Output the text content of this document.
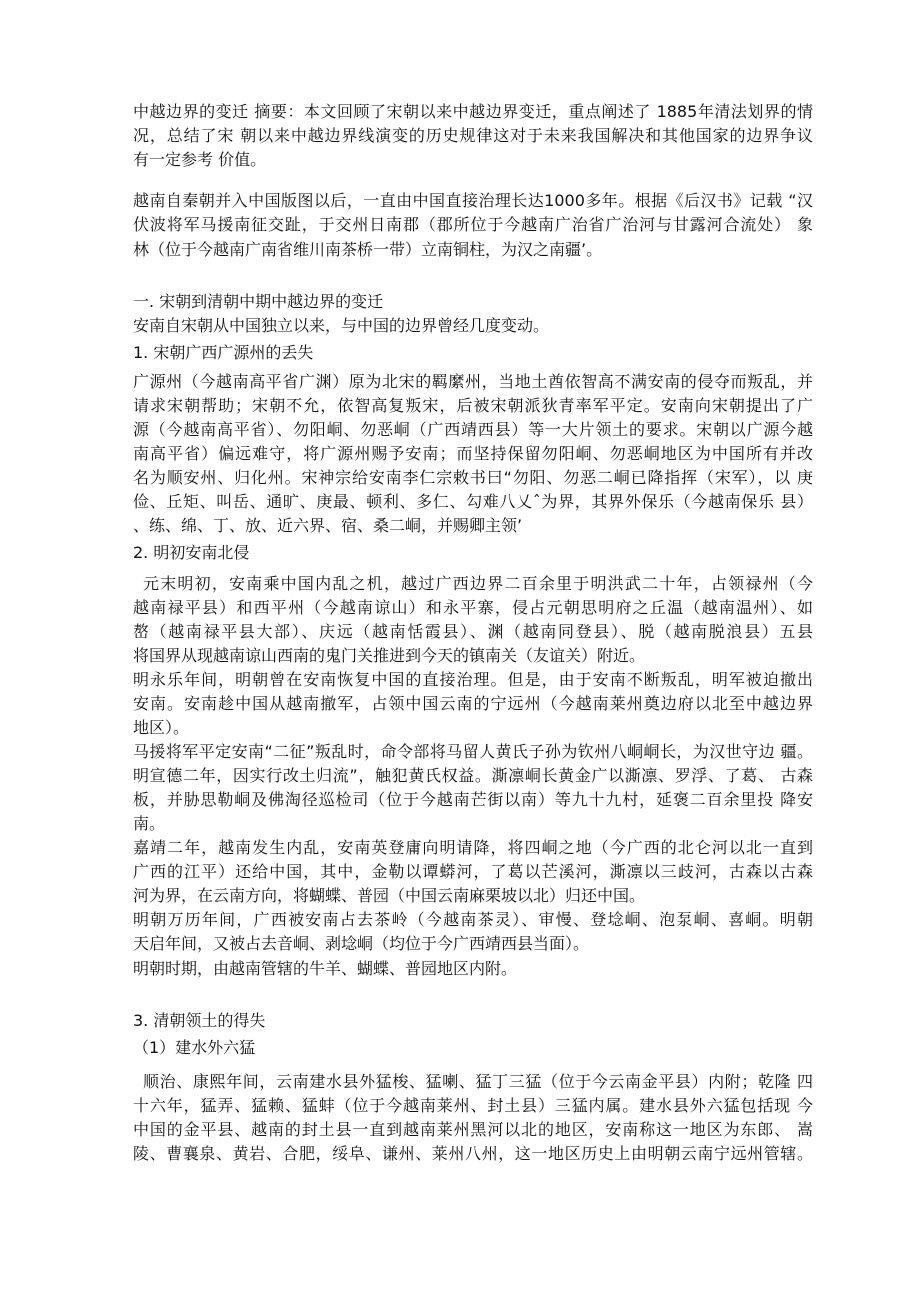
中越边界的变迁 摘要：本文回顾了宋朝以来中越边界变迁，重点阐述了 1885年清法划界的情
况，总结了宋 朝以来中越边界线演变的历史规律这对于未来我国解决和其他国家的边界争议
有一定参考 价值。
越南自秦朝并入中国版图以后，一直由中国直接治理长达1000多年。根据《后汉书》记载 “汉
伏波将军马援南征交趾，于交州日南郡（郡所位于今越南广治省广治河与甘露河合流处） 象
林（位于今越南广南省维川南茶桥一带）立南铜柱，为汉之南疆’。
一. 宋朝到清朝中期中越边界的变迁
安南自宋朝从中国独立以来，与中国的边界曾经几度变动。
1. 宋朝广西广源州的丢失
广源州（今越南高平省广渊）原为北宋的羁縻州，当地土酋依智高不满安南的侵夺而叛乱，并
请求宋朝帮助；宋朝不允，依智高复叛宋，后被宋朝派狄青率军平定。安南向宋朝提出了广
源（今越南高平省）、勿阳峒、勿恶峒（广西靖西县）等一大片领土的要求。宋朝以广源今越
南高平省）偏远难守，将广源州赐予安南；而坚持保留勿阳峒、勿恶峒地区为中国所有并改
名为顺安州、归化州。宋神宗给安南李仁宗敕书曰“勿阳、勿恶二峒已降指挥（宋军），以 庚
俭、丘矩、叫岳、通旷、庚最、顿利、多仁、勾难八乂ˆ为界，其界外保乐（今越南保乐 县）
、练、绵、丁、放、近六界、宿、桑二峒，并赐卿主领’
2. 明初安南北侵
元末明初，安南乘中国内乱之机，越过广西边界二百余里于明洪武二十年，占领禄州（今
越南禄平县）和西平州（今越南谅山）和永平寨，侵占元朝思明府之丘温（越南温州）、如
嶅（越南禄平县大部）、庆远（越南恬霞县）、渊（越南同登县）、脱（越南脱浪县）五县
将国界从现越南谅山西南的鬼门关推进到今天的镇南关（友谊关）附近。
明永乐年间，明朝曾在安南恢复中国的直接治理。但是，由于安南不断叛乱，明军被迫撤出
安南。安南趁中国从越南撤军，占领中国云南的宁远州（今越南莱州奠边府以北至中越边界
地区）。
马援将军平定安南“二征”叛乱时，命令部将马留人黄氏子孙为钦州八峒峒长，为汉世守边 疆。
明宣德二年，因实行改土归流”，触犯黄氏权益。澌凛峒长黄金广以澌凛、罗浮、了葛、 古森
板，并胁思勒峒及佛淘径巡检司（位于今越南芒街以南）等九十九村，延褒二百余里投 降安
南。
嘉靖二年，越南发生内乱，安南英登庸向明请降，将四峒之地（今广西的北仑河以北一直到
广西的江平）还给中国，其中，金勒以谭蟒河，了葛以芒溪河，澌凛以三歧河，古森以古森
河为界，在云南方向，将蝴蝶、普园（中国云南麻栗坡以北）归还中国。
明朝万历年间，广西被安南占去茶岭（今越南茶灵）、审慢、登埝峒、泡泵峒、喜峒。明朝
天启年间，又被占去音峒、剥埝峒（均位于今广西靖西县当面）。
明朝时期，由越南管辖的牛羊、蝴蝶、普园地区内附。
3. 清朝领土的得失
（1）建水外六猛
顺治、康熙年间，云南建水县外猛梭、猛喇、猛丁三猛（位于今云南金平县）内附；乾隆 四
十六年，猛弄、猛赖、猛蚌（位于今越南莱州、封土县）三猛内属。建水县外六猛包括现 今
中国的金平县、越南的封土县一直到越南莱州黑河以北的地区，安南称这一地区为东郎、 嵩
陵、曹襄泉、黄岩、合肥，绥阜、谦州、莱州八州，这一地区历史上由明朝云南宁远州管辖。
